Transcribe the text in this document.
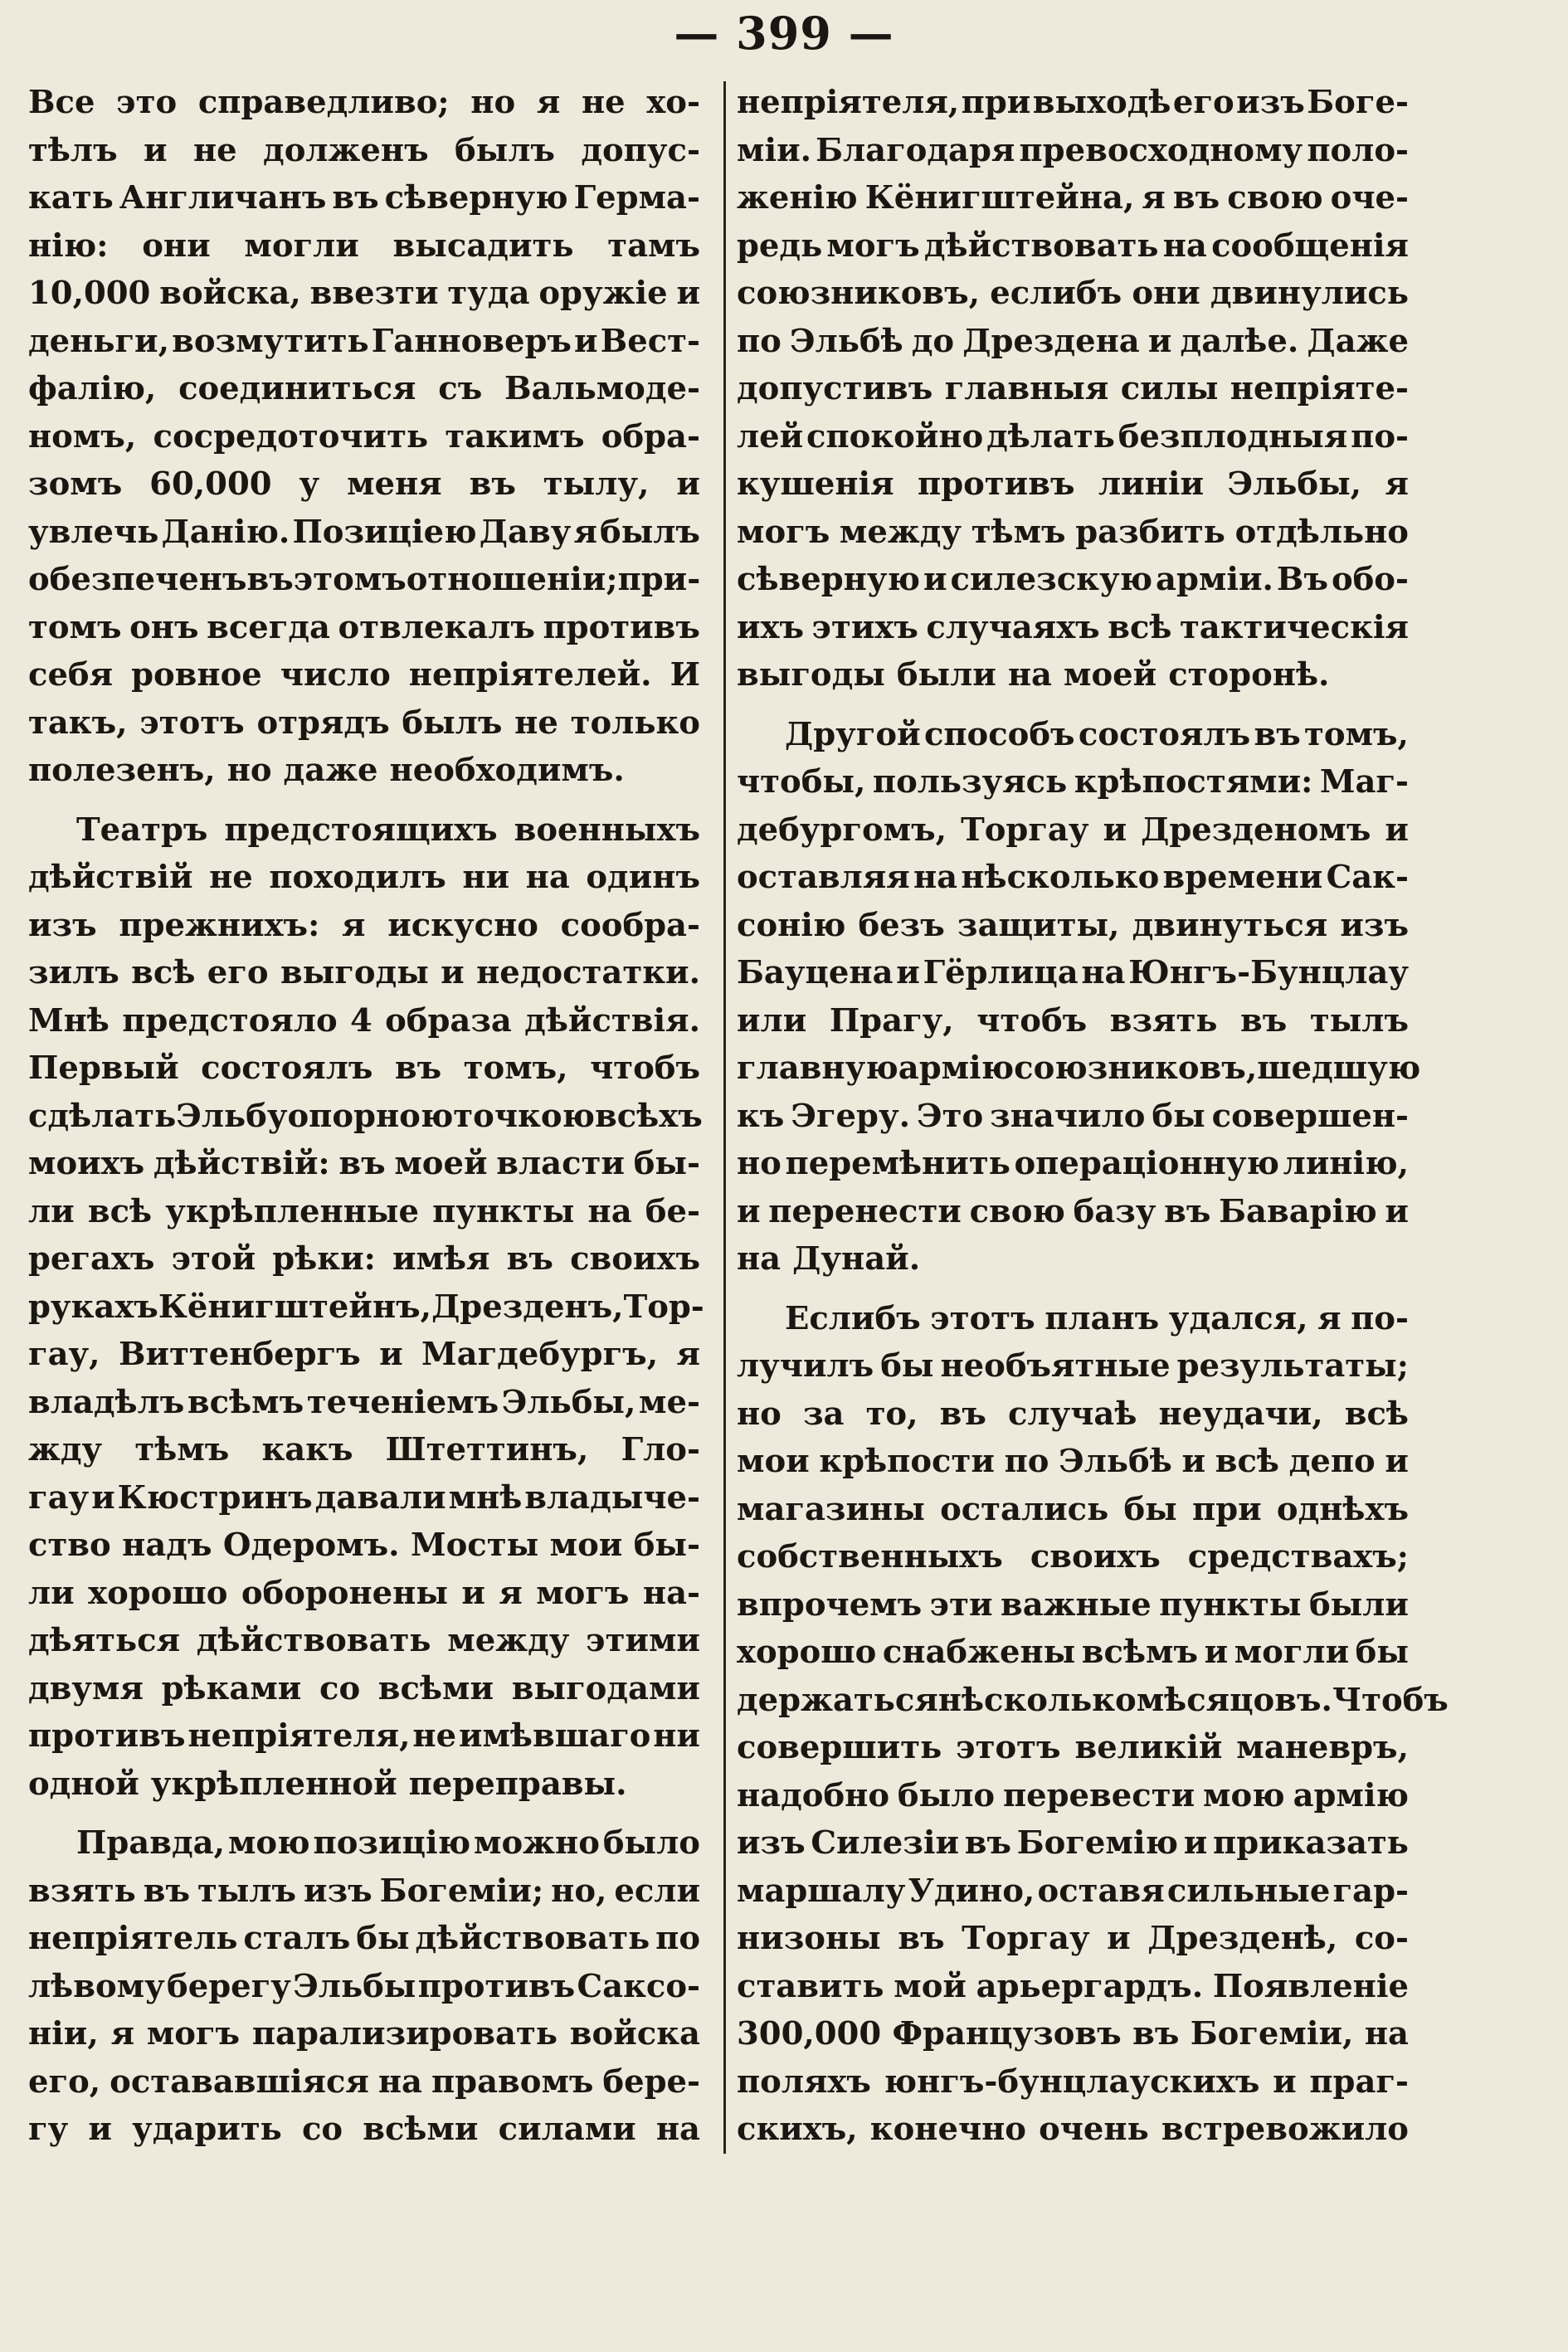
— 399 —
Все это справедливо; но я не хо-
тѣлъ и не долженъ былъ допус-
кать Англичанъ въ сѣверную Герма-
нію: они могли высадить тамъ
10,000 войска, ввезти туда оружіе и
деньги, возмутить Ганноверъ и Вест-
фалію, соединиться съ Вальмоде-
номъ, сосредоточить такимъ обра-
зомъ 60,000 у меня въ тылу, и
увлечь Данію. Позиціею Даву я былъ
обезпеченъ въ этомъ отношеніи; при-
томъ онъ всегда отвлекалъ противъ
себя ровное число непріятелей. И
такъ, этотъ отрядъ былъ не только
полезенъ, но даже необходимъ.
Театръ предстоящихъ военныхъ
дѣйствій не походилъ ни на одинъ
изъ прежнихъ: я искусно сообра-
зилъ всѣ его выгоды и недостатки.
Мнѣ предстояло 4 образа дѣйствія.
Первый состоялъ въ томъ, чтобъ
сдѣлать Эльбу опорною точкою всѣхъ
моихъ дѣйствій: въ моей власти бы-
ли всѣ укрѣпленные пункты на бе-
регахъ этой рѣки: имѣя въ своихъ
рукахъ Кёнигштейнъ, Дрезденъ, Тор-
гау, Виттенбергъ и Магдебургъ, я
владѣлъ всѣмъ теченіемъ Эльбы, ме-
жду тѣмъ какъ Штеттинъ, Гло-
гау и Кюстринъ давали мнѣ владычe-
ство надъ Одеромъ. Мосты мои бы-
ли хорошо оборонены и я могъ на-
дѣяться дѣйствовать между этими
двумя рѣками со всѣми выгодами
противъ непріятеля, не имѣвшаго ни
одной укрѣпленной переправы.
Правда, мою позицію можно было
взять въ тылъ изъ Богеміи; но, если
непріятель сталъ бы дѣйствовать по
лѣвому берегу Эльбы противъ Саксо-
ніи, я могъ парализировать войска
его, остававшіяся на правомъ бере-
гу и ударить со всѣми силами на
непріятеля, при выходѣ его изъ Боге-
міи. Благодаря превосходному поло-
женію Кёнигштейна, я въ свою оче-
редь могъ дѣйствовать на сообщенія
союзниковъ, еслибъ они двинулись
по Эльбѣ до Дрездена и далѣе. Даже
допустивъ главныя силы непріяте-
лей спокойно дѣлать безплодныя по-
кушенія противъ линіи Эльбы, я
могъ между тѣмъ разбить отдѣльно
сѣверную и силезскую арміи. Въ обо-
ихъ этихъ случаяхъ всѣ тактическія
выгоды были на моей сторонѣ.
Другой способъ состоялъ въ томъ,
чтобы, пользуясь крѣпостями: Маг-
дебургомъ, Торгау и Дрезденомъ и
оставляя на нѣсколько времени Сак-
сонію безъ защиты, двинуться изъ
Бауцена и Гёрлица на Юнгъ-Бунцлау
или Прагу, чтобъ взять въ тылъ
главную армію союзниковъ, шедшую
къ Эгеру. Это значило бы совершен-
но перемѣнить операціонную линію,
и перенести свою базу въ Баварію и
на Дунай.
Еслибъ этотъ планъ удался, я по-
лучилъ бы необъятные результаты;
но за то, въ случаѣ неудачи, всѣ
мои крѣпости по Эльбѣ и всѣ депо и
магазины остались бы при однѣхъ
собственныхъ своихъ средствахъ;
впрочемъ эти важные пункты были
хорошо снабжены всѣмъ и могли бы
держаться нѣсколько мѣсяцовъ. Чтобъ
совершить этотъ великій маневръ,
надобно было перевести мою армію
изъ Силезіи въ Богемію и приказать
маршалу Удино, оставя сильные гар-
низоны въ Торгау и Дрезденѣ, со-
ставить мой арьергардъ. Появленіе
300,000 Французовъ въ Богеміи, на
поляхъ юнгъ-бунцлаускихъ и праг-
скихъ, конечно очень встревожило
